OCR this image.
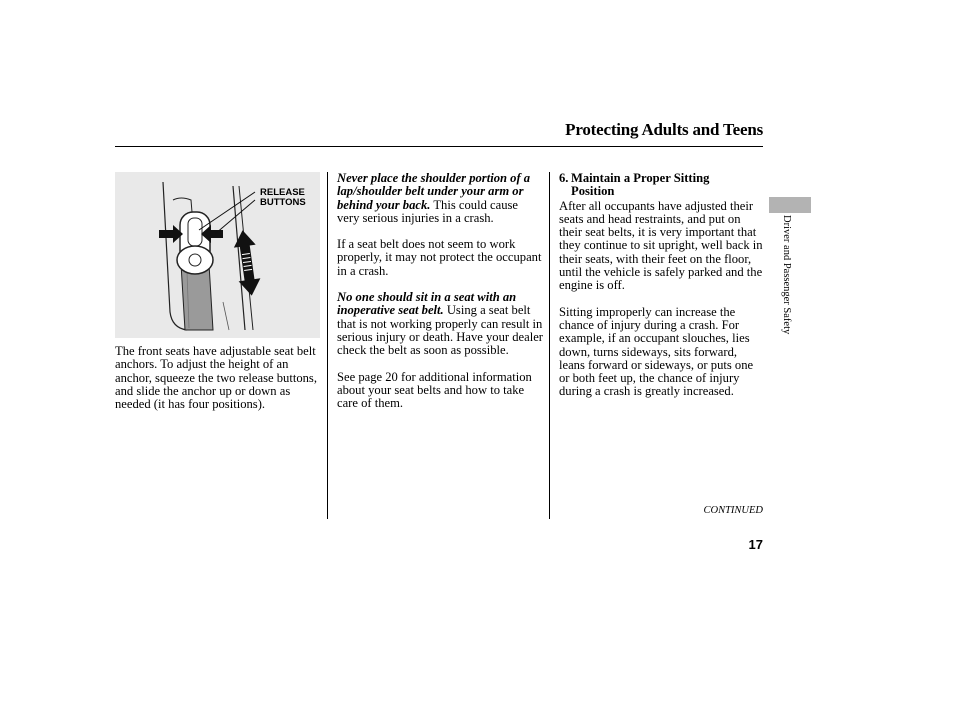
Protecting Adults and Teens
Driver and Passenger Safety
RELEASE
BUTTONS

The front seats have adjustable seat belt anchors. To adjust the height of an anchor, squeeze the two release buttons, and slide the anchor up or down as needed (it has four positions).

Never place the shoulder portion of a lap/shoulder belt under your arm or behind your back. This could cause very serious injuries in a crash.

If a seat belt does not seem to work properly, it may not protect the occupant in a crash.

No one should sit in a seat with an inoperative seat belt. Using a seat belt that is not working properly can result in serious injury or death. Have your dealer check the belt as soon as possible.

See page 20 for additional information about your seat belts and how to take care of them.

6. Maintain a Proper Sitting
Position

After all occupants have adjusted their seats and head restraints, and put on their seat belts, it is very important that they continue to sit upright, well back in their seats, with their feet on the floor, until the vehicle is safely parked and the engine is off.

Sitting improperly can increase the chance of injury during a crash. For example, if an occupant slouches, lies down, turns sideways, sits forward, leans forward or sideways, or puts one or both feet up, the chance of injury during a crash is greatly increased.

CONTINUED
17
